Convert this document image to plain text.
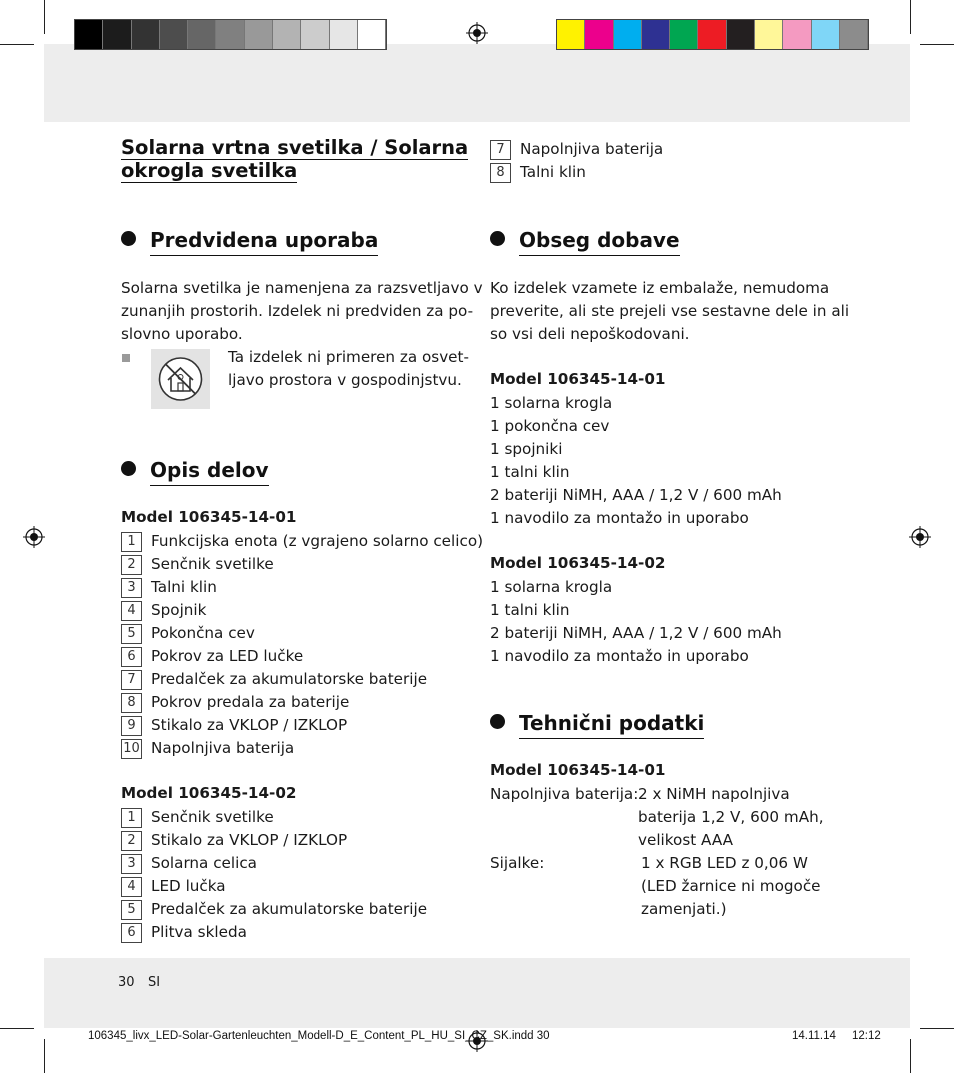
Solarna vrtna svetilka / Solarna
okrogla svetilka
Predvidena uporaba
Solarna svetilka je namenjena za razsvetljavo v
zunanjih prostorih. Izdelek ni predviden za po-
slovno uporabo.
Ta izdelek ni primeren za osvet-
ljavo prostora v gospodinjstvu.
Opis delov
Model 106345-14-01
1 Funkcijska enota (z vgrajeno solarno celico)
2 Senčnik svetilke
3 Talni klin
4 Spojnik
5 Pokončna cev
6 Pokrov za LED lučke
7 Predalček za akumulatorske baterije
8 Pokrov predala za baterije
9 Stikalo za VKLOP / IZKLOP
10 Napolnjiva baterija
Model 106345-14-02
1 Senčnik svetilke
2 Stikalo za VKLOP / IZKLOP
3 Solarna celica
4 LED lučka
5 Predalček za akumulatorske baterije
6 Plitva skleda
7 Napolnjiva baterija
8 Talni klin
Obseg dobave
Ko izdelek vzamete iz embalaže, nemudoma
preverite, ali ste prejeli vse sestavne dele in ali
so vsi deli nepoškodovani.
Model 106345-14-01
1 solarna krogla
1 pokončna cev
1 spojniki
1 talni klin
2 bateriji NiMH, AAA / 1,2 V / 600 mAh
1 navodilo za montažo in uporabo
Model 106345-14-02
1 solarna krogla
1 talni klin
2 bateriji NiMH, AAA / 1,2 V / 600 mAh
1 navodilo za montažo in uporabo
Tehnični podatki
Model 106345-14-01
Napolnjiva baterija: 2 x NiMH napolnjiva
baterija 1,2 V, 600 mAh,
velikost AAA
Sijalke:	1 x RGB LED z 0,06 W
(LED žarnice ni mogoče
zamenjati.)
30 SI
106345_livx_LED-Solar-Gartenleuchten_Modell-D_E_Content_PL_HU_SI_CZ_SK.indd 30	14.11.14 12:12
